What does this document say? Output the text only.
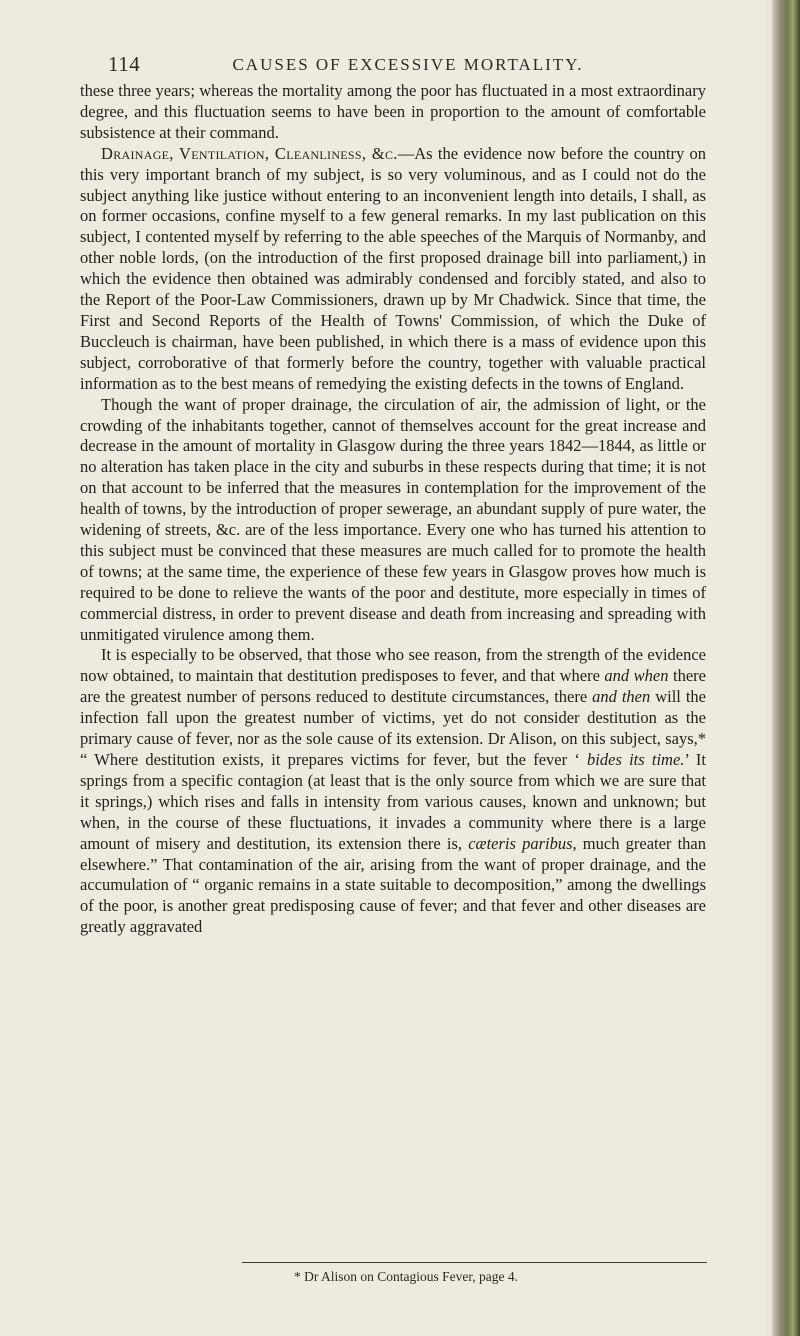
114	CAUSES OF EXCESSIVE MORTALITY.

these three years; whereas the mortality among the poor has fluctuated in a most extraordinary degree, and this fluctuation seems to have been in proportion to the amount of comfortable subsistence at their command.

Drainage, Ventilation, Cleanliness, &c.—As the evidence now before the country on this very important branch of my subject, is so very voluminous, and as I could not do the subject anything like justice without entering to an inconvenient length into details, I shall, as on former occasions, confine myself to a few general remarks. In my last publication on this subject, I contented myself by referring to the able speeches of the Marquis of Normanby, and other noble lords, (on the introduction of the first proposed drainage bill into parliament,) in which the evidence then obtained was admirably condensed and forcibly stated, and also to the Report of the Poor-Law Commissioners, drawn up by Mr Chadwick. Since that time, the First and Second Reports of the Health of Towns' Commission, of which the Duke of Buccleuch is chairman, have been published, in which there is a mass of evidence upon this subject, corroborative of that formerly before the country, together with valuable practical information as to the best means of remedying the existing defects in the towns of England.

Though the want of proper drainage, the circulation of air, the admission of light, or the crowding of the inhabitants together, cannot of themselves account for the great increase and decrease in the amount of mortality in Glasgow during the three years 1842—1844, as little or no alteration has taken place in the city and suburbs in these respects during that time; it is not on that account to be inferred that the measures in contemplation for the improvement of the health of towns, by the introduction of proper sewerage, an abundant supply of pure water, the widening of streets, &c. are of the less importance. Every one who has turned his attention to this subject must be convinced that these measures are much called for to promote the health of towns; at the same time, the experience of these few years in Glasgow proves how much is required to be done to relieve the wants of the poor and destitute, more especially in times of commercial distress, in order to prevent disease and death from increasing and spreading with unmitigated virulence among them.

It is especially to be observed, that those who see reason, from the strength of the evidence now obtained, to maintain that destitution predisposes to fever, and that where and when there are the greatest number of persons reduced to destitute circumstances, there and then will the infection fall upon the greatest number of victims, yet do not consider destitution as the primary cause of fever, nor as the sole cause of its extension. Dr Alison, on this subject, says,* “ Where destitution exists, it prepares victims for fever, but the fever ‘ bides its time.’ It springs from a specific contagion (at least that is the only source from which we are sure that it springs,) which rises and falls in intensity from various causes, known and unknown; but when, in the course of these fluctuations, it invades a community where there is a large amount of misery and destitution, its extension there is, cæteris paribus, much greater than elsewhere.” That contamination of the air, arising from the want of proper drainage, and the accumulation of “ organic remains in a state suitable to decomposition,” among the dwellings of the poor, is another great predisposing cause of fever; and that fever and other diseases are greatly aggravated

* Dr Alison on Contagious Fever, page 4.
